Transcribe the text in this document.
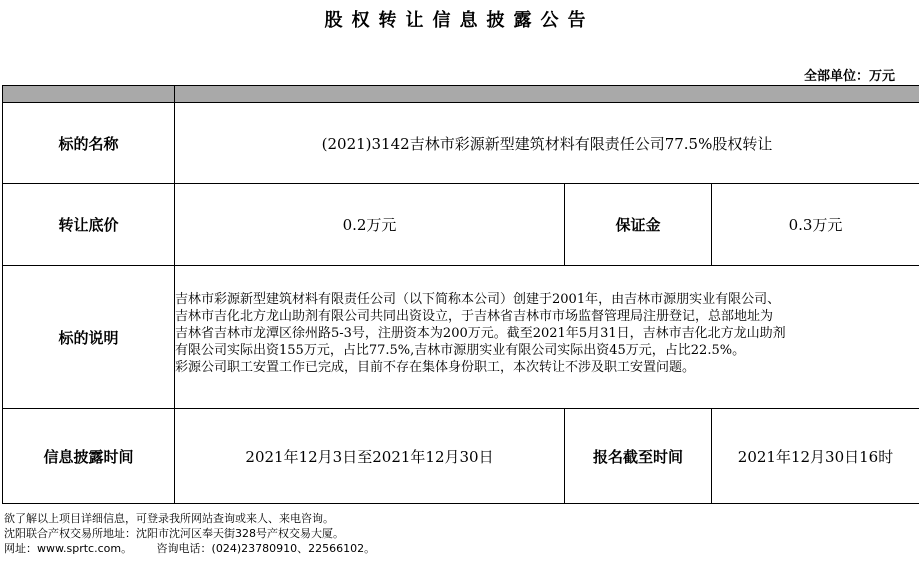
股权转让信息披露公告
全部单位：万元

标的名称	(2021)3142吉林市彩源新型建筑材料有限责任公司77.5%股权转让		
转让底价	0.2万元	保证金	0.3万元
标的说明	吉林市彩源新型建筑材料有限责任公司（以下简称本公司）创建于2001年，由吉林市源朋实业有限公司、
吉林市吉化北方龙山助剂有限公司共同出资设立，于吉林省吉林市市场监督管理局注册登记，总部地址为
吉林省吉林市龙潭区徐州路5-3号，注册资本为200万元。截至2021年5月31日，吉林市吉化北方龙山助剂
有限公司实际出资155万元，占比77.5%,吉林市源朋实业有限公司实际出资45万元，占比22.5%。
彩源公司职工安置工作已完成，目前不存在集体身份职工，本次转让不涉及职工安置问题。		

信息披露时间	2021年12月3日至2021年12月30日	报名截至时间	2021年12月30日16时
欲了解以上项目详细信息，可登录我所网站查询或来人、来电咨询。
沈阳联合产权交易所地址：沈阳市沈河区奉天街328号产权交易大厦。
网址：www.sprtc.com。       咨询电话：(024)23780910、22566102。
